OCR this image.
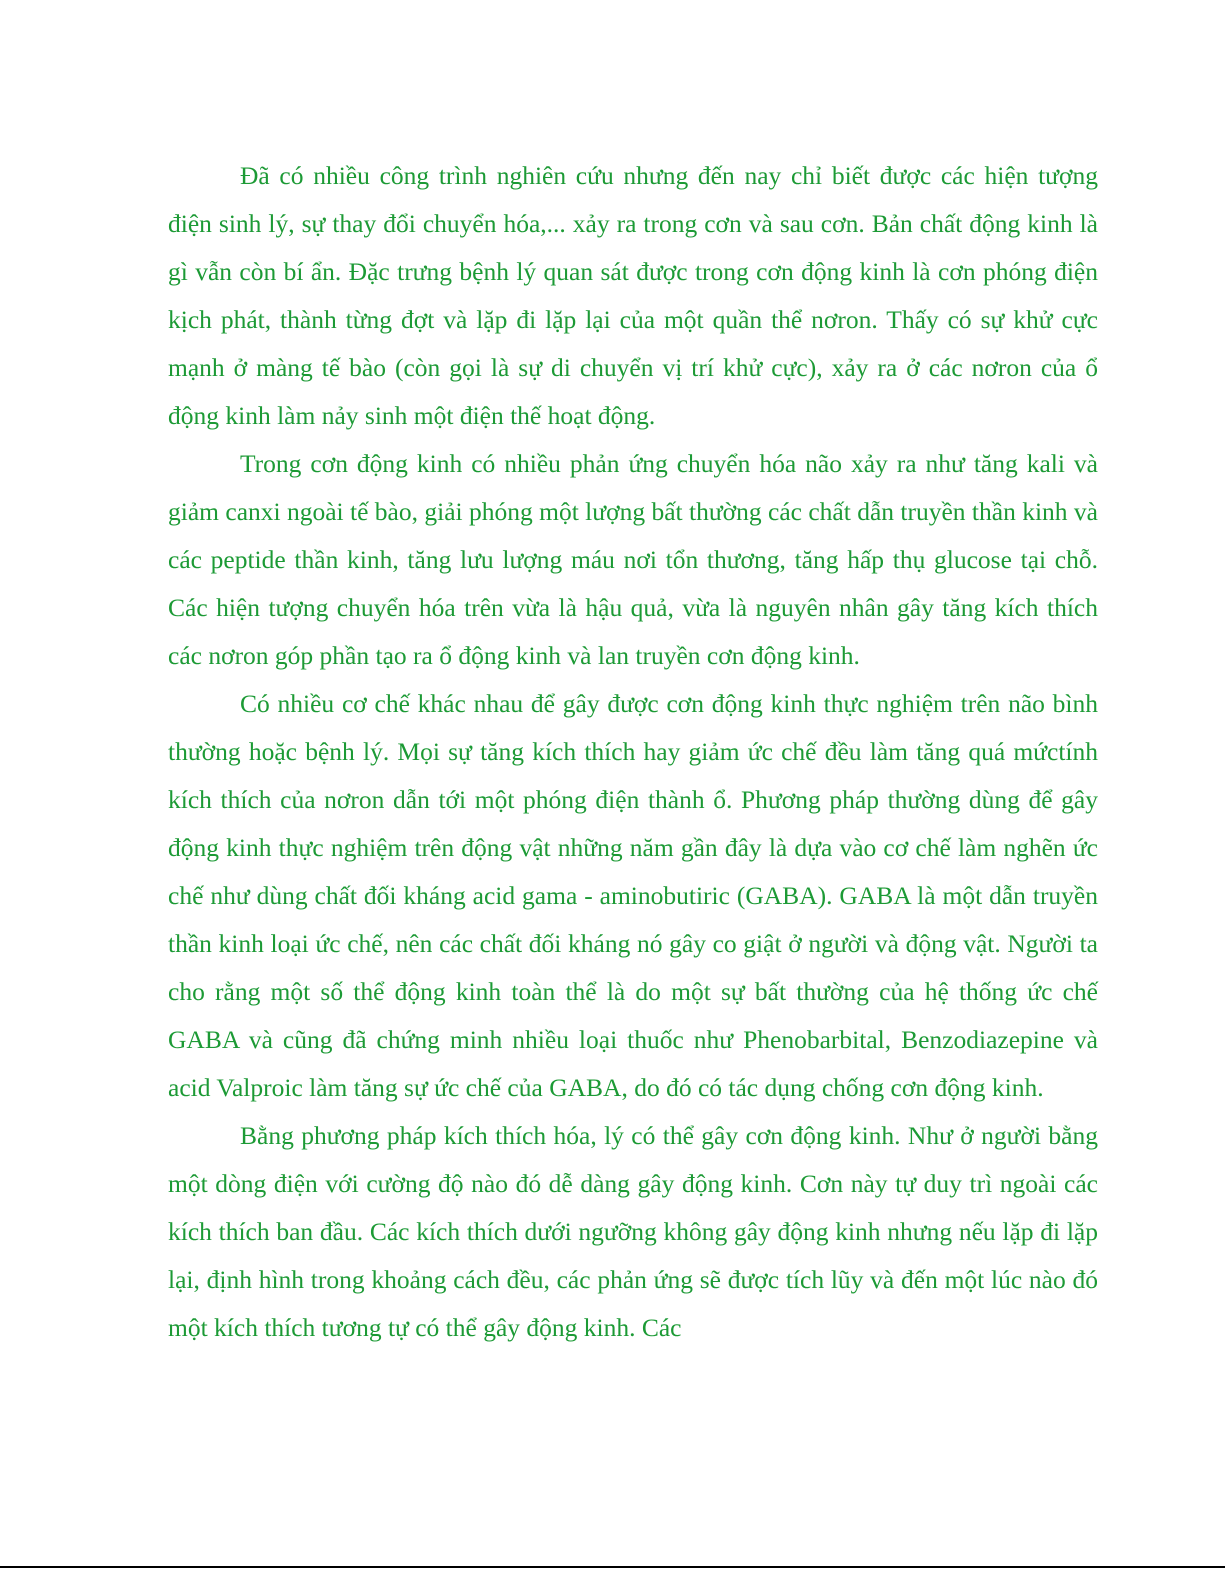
Đã có nhiều công trình nghiên cứu nhưng đến nay chỉ biết được các hiện tượng điện sinh lý, sự thay đổi chuyển hóa,... xảy ra trong cơn và sau cơn. Bản chất động kinh là gì vẫn còn bí ẩn. Đặc trưng bệnh lý quan sát được trong cơn động kinh là cơn phóng điện kịch phát, thành từng đợt và lặp đi lặp lại của một quần thể nơron. Thấy có sự khử cực mạnh ở màng tế bào (còn gọi là sự di chuyển vị trí khử cực), xảy ra ở các nơron của ổ động kinh làm nảy sinh một điện thế hoạt động.

Trong cơn động kinh có nhiều phản ứng chuyển hóa não xảy ra như tăng kali và giảm canxi ngoài tế bào, giải phóng một lượng bất thường các chất dẫn truyền thần kinh và các peptide thần kinh, tăng lưu lượng máu nơi tổn thương, tăng hấp thụ glucose tại chỗ. Các hiện tượng chuyển hóa trên vừa là hậu quả, vừa là nguyên nhân gây tăng kích thích các nơron góp phần tạo ra ổ động kinh và lan truyền cơn động kinh.

Có nhiều cơ chế khác nhau để gây được cơn động kinh thực nghiệm trên não bình thường hoặc bệnh lý. Mọi sự tăng kích thích hay giảm ức chế đều làm tăng quá mứctính kích thích của nơron dẫn tới một phóng điện thành ổ. Phương pháp thường dùng để gây động kinh thực nghiệm trên động vật những năm gần đây là dựa vào cơ chế làm nghẽn ức chế như dùng chất đối kháng acid gama - aminobutiric (GABA). GABA là một dẫn truyền thần kinh loại ức chế, nên các chất đối kháng nó gây co giật ở người và động vật. Người ta cho rằng một số thể động kinh toàn thể là do một sự bất thường của hệ thống ức chế GABA và cũng đã chứng minh nhiều loại thuốc như Phenobarbital, Benzodiazepine và acid Valproic làm tăng sự ức chế của GABA, do đó có tác dụng chống cơn động kinh.

Bằng phương pháp kích thích hóa, lý có thể gây cơn động kinh. Như ở người bằng một dòng điện với cường độ nào đó dễ dàng gây động kinh. Cơn này tự duy trì ngoài các kích thích ban đầu. Các kích thích dưới ngưỡng không gây động kinh nhưng nếu lặp đi lặp lại, định hình trong khoảng cách đều, các phản ứng sẽ được tích lũy và đến một lúc nào đó một kích thích tương tự có thể gây động kinh. Các
